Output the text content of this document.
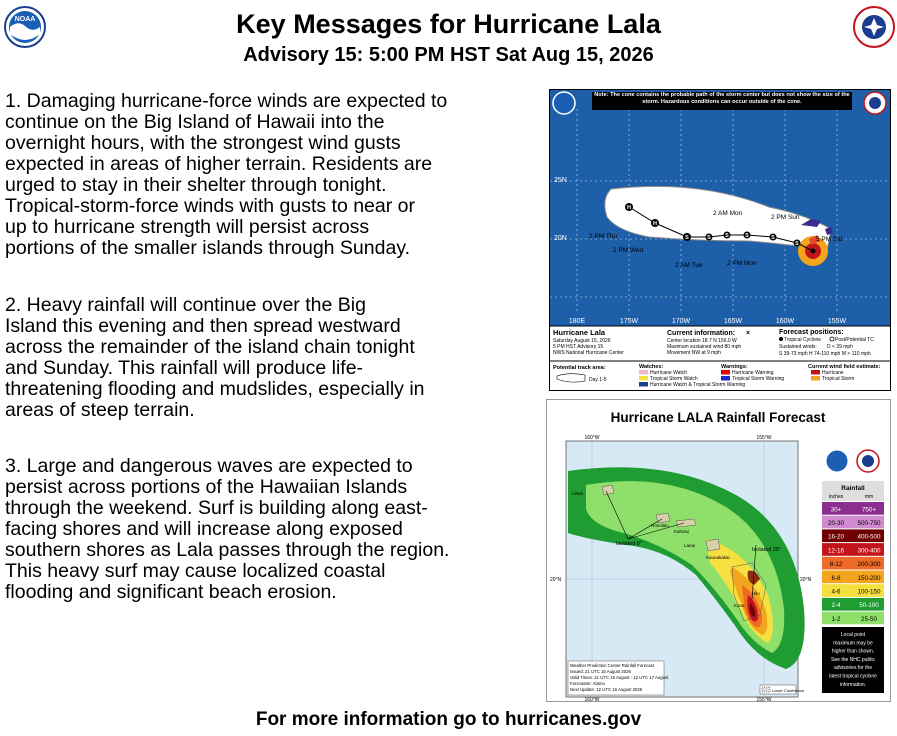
NOAA	Key Messages for Hurricane Lala
Advisory 15: 5:00 PM HST Sat Aug 15, 2026
1. Damaging hurricane-force winds are expected to
continue on the Big Island of Hawaii into the
overnight hours, with the strongest wind gusts
expected in areas of higher terrain. Residents are
urged to stay in their shelter through tonight.
Tropical-storm-force winds with gusts to near or
up to hurricane strength will persist across
portions of the smaller islands through Sunday.
2. Heavy rainfall will continue over the Big
Island this evening and then spread westward
across the remainder of the island chain tonight
and Sunday. This rainfall will produce life-
threatening flooding and mudslides, especially in
areas of steep terrain.
3. Large and dangerous waves are expected to
persist across portions of the Hawaiian Islands
through the weekend. Surf is building along east-
facing shores and will increase along exposed
southern shores as Lala passes through the region.
This heavy surf may cause localized coastal
flooding and significant beach erosion.
H
H
S	S	S	S	S
S
25N
20N
180E	175W	170W	165W	160W	155W
2 PM Thu
2 PM Wed
2 AM Tue	2 PM Mon
2 AM Mon
2 PM Sun
5 PM Sat
Note: The cone contains the probable path of the storm center but does not show the size of the storm. Hazardous conditions can occur outside of the cone.
Hurricane Lala
Saturday August 15, 2026
5 PM HST Advisory 15
NWS National Hurricane Center
Current information: ×
Center location 18.7 N 156.0 W
Maximum sustained wind 80 mph
Movement NW at 9 mph
Forecast positions:
Tropical Cyclone	Post/Potential TC
Sustained winds: D < 39 mph
S 39-73 mph H 74-110 mph M > 110 mph
Potential track area:
Day 1-5
Watches:
Hurricane Watch
Tropical Storm Watch
Hurricane Watch & Tropical Storm Warning
Warnings:
Hurricane Warning
Tropical Storm Warning
Current wind field estimate:
Hurricane
Tropical Storm
Hurricane LALA Rainfall Forecast
Isolated 8"
Isolated 25"
Lihue
Honolulu
Kahului
Lanai
Kaunakakai
Hilo
Kona
160°W	155°W
160°W	155°W
20°N	20°N
Weather Prediction Center Rainfall Forecast
Issued: 21 UTC 15 August 2026
Valid Times: 21 UTC 15 August - 12 UTC 17 August
Forecaster: Alamo
Next Update: 12 UTC 16 August 2026	Lower Confidence
Rainfall
inches	mm
30+	750+
20-30 500-750
16-20 400-500
12-16 300-400
8-12 200-300
6-8	150-200
4-6	100-150
2-4	50-100
1-2	25-50
Local point
maximum may be
higher than shown.
See the NHC public
advisories for the
latest tropical cyclone
information.
For more information go to hurricanes.gov
